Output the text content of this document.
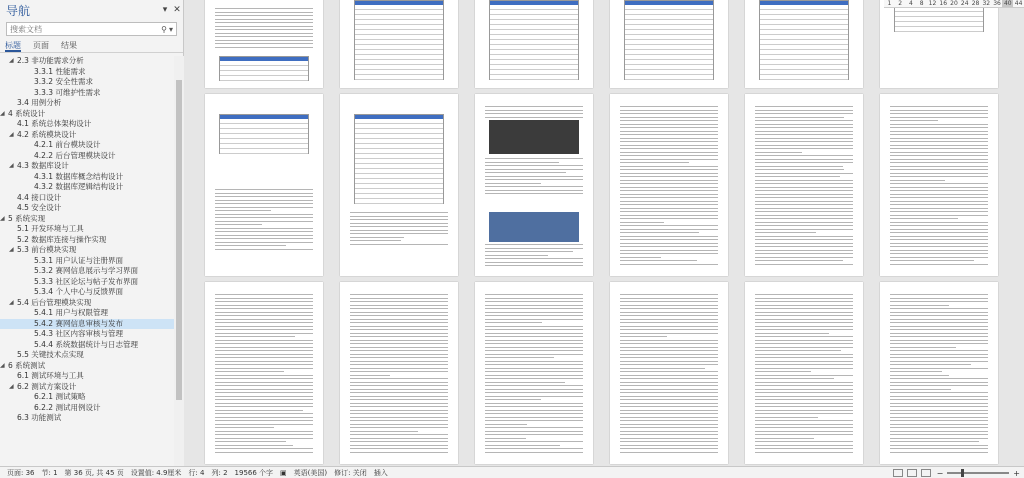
导航	▾ ✕
搜索文档
⚲ ▾
标题 页面 结果
◢ 2.3 非功能需求分析
3.3.1 性能需求
3.3.2 安全性需求
3.3.3 可维护性需求
3.4 用例分析
◢ 4 系统设计
4.1 系统总体架构设计
◢ 4.2 系统模块设计
4.2.1 前台模块设计
4.2.2 后台管理模块设计
◢ 4.3 数据库设计
4.3.1 数据库概念结构设计
4.3.2 数据库逻辑结构设计
4.4 接口设计
4.5 安全设计
◢ 5 系统实现
5.1 开发环境与工具
5.2 数据库连接与操作实现
◢ 5.3 前台模块实现
5.3.1 用户认证与注册界面
5.3.2 赛网信息展示与学习界面
5.3.3 社区论坛与帖子发布界面
5.3.4 个人中心与反馈界面
◢ 5.4 后台管理模块实现
5.4.1 用户与权限管理
5.4.2 赛网信息审核与发布
5.4.3 社区内容审核与管理
5.4.4 系统数据统计与日志管理
5.5 关键技术点实现
◢ 6 系统测试
6.1 测试环境与工具
◢ 6.2 测试方案设计
6.2.1 测试策略
6.2.2 测试用例设计
6.3 功能测试
1	2	4	8 12 16 20 24 28 32 36 40 44
页面: 36 节: 1 第 36 页, 共 45 页 设置值: 4.9厘米 行: 4 列: 2 19566 个字 ▣ 英语(美国) 修订: 关闭 插入	−	+
